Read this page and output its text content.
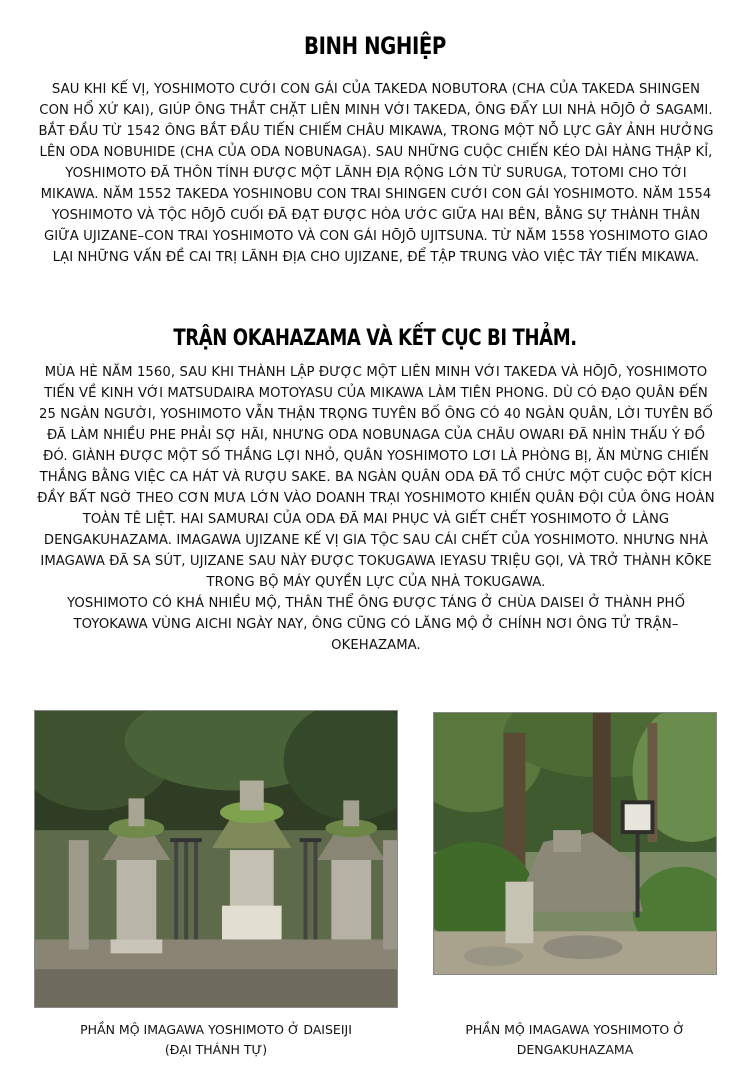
BINH NGHIỆP

SAU KHI KẾ VỊ, YOSHIMOTO CƯỚI CON GÁI CỦA TAKEDA NOBUTORA (CHA CỦA TAKEDA SHINGEN CON HỔ XỨ KAI), GIÚP ÔNG THẮT CHẶT LIÊN MINH VỚI TAKEDA, ÔNG ĐẨY LUI NHÀ HŌJŌ Ở SAGAMI. BẮT ĐẦU TỪ 1542 ÔNG BẮT ĐẦU TIẾN CHIẾM CHÂU MIKAWA, TRONG MỘT NỖ LỰC GÂY ẢNH HƯỞNG LÊN ODA NOBUHIDE (CHA CỦA ODA NOBUNAGA). SAU NHỮNG CUỘC CHIẾN KÉO DÀI HÀNG THẬP KỈ, YOSHIMOTO ĐÃ THÔN TÍNH ĐƯỢC MỘT LÃNH ĐỊA RỘNG LỚN TỪ SURUGA, TOTOMI CHO TỚI MIKAWA. NĂM 1552 TAKEDA YOSHINOBU CON TRAI SHINGEN CƯỚI CON GÁI YOSHIMOTO. NĂM 1554 YOSHIMOTO VÀ TỘC HŌJŌ CUỐI ĐÃ ĐẠT ĐƯỢC HÒA ƯỚC GIỮA HAI BÊN, BẰNG SỰ THÀNH THÂN GIỮA UJIZANE–CON TRAI YOSHIMOTO VÀ CON GÁI HŌJŌ UJITSUNA. TỪ NĂM 1558 YOSHIMOTO GIAO LẠI NHỮNG VẤN ĐỀ CAI TRỊ LÃNH ĐỊA CHO UJIZANE, ĐỂ TẬP TRUNG VÀO VIỆC TÂY TIẾN MIKAWA.

TRẬN OKAHAZAMA VÀ KẾT CỤC BI THẢM.

MÙA HÈ NĂM 1560, SAU KHI THÀNH LẬP ĐƯỢC MỘT LIÊN MINH VỚI TAKEDA VÀ HŌJŌ, YOSHIMOTO TIẾN VỀ KINH VỚI MATSUDAIRA MOTOYASU CỦA MIKAWA LÀM TIÊN PHONG. DÙ CÓ ĐẠO QUÂN ĐẾN 25 NGÀN NGƯỜI, YOSHIMOTO VẪN THẬN TRỌNG TUYÊN BỐ ÔNG CÓ 40 NGÀN QUÂN, LỜI TUYÊN BỐ ĐÃ LÀM NHIỀU PHE PHẢI SỢ HÃI, NHƯNG ODA NOBUNAGA CỦA CHÂU OWARI ĐÃ NHÌN THẤU Ý ĐỒ ĐÓ. GIÀNH ĐƯỢC MỘT SỐ THẮNG LỢI NHỎ, QUÂN YOSHIMOTO LƠI LÀ PHÒNG BỊ, ĂN MỪNG CHIẾN THẮNG BẰNG VIỆC CA HÁT VÀ RƯỢU SAKE. BA NGÀN QUÂN ODA ĐÃ TỔ CHỨC MỘT CUỘC ĐỘT KÍCH ĐẦY BẤT NGỜ THEO CƠN MƯA LỚN VÀO DOANH TRẠI YOSHIMOTO KHIẾN QUÂN ĐỘI CỦA ÔNG HOÀN TOÀN TÊ LIỆT. HAI SAMURAI CỦA ODA ĐÃ MAI PHỤC VÀ GIẾT CHẾT YOSHIMOTO Ở LÀNG DENGAKUHAZAMA. IMAGAWA UJIZANE KẾ VỊ GIA TỘC SAU CÁI CHẾT CỦA YOSHIMOTO. NHƯNG NHÀ IMAGAWA ĐÃ SA SÚT, UJIZANE SAU NÀY ĐƯỢC TOKUGAWA IEYASU TRIỆU GỌI, VÀ TRỞ THÀNH KŌKE TRONG BỘ MÁY QUYỀN LỰC CỦA NHÀ TOKUGAWA.

YOSHIMOTO CÓ KHÁ NHIỀU MỘ, THÂN THỂ ÔNG ĐƯỢC TÁNG Ở CHÙA DAISEI Ở THÀNH PHỐ TOYOKAWA VÙNG AICHI NGÀY NAY, ÔNG CŨNG CÓ LĂNG MỘ Ở CHÍNH NƠI ÔNG TỬ TRẬN–OKEHAZAMA.

PHẦN MỘ IMAGAWA YOSHIMOTO Ở DAISEIJI
(ĐẠI THÁNH TỰ)
PHẦN MỘ IMAGAWA YOSHIMOTO Ở
DENGAKUHAZAMA
